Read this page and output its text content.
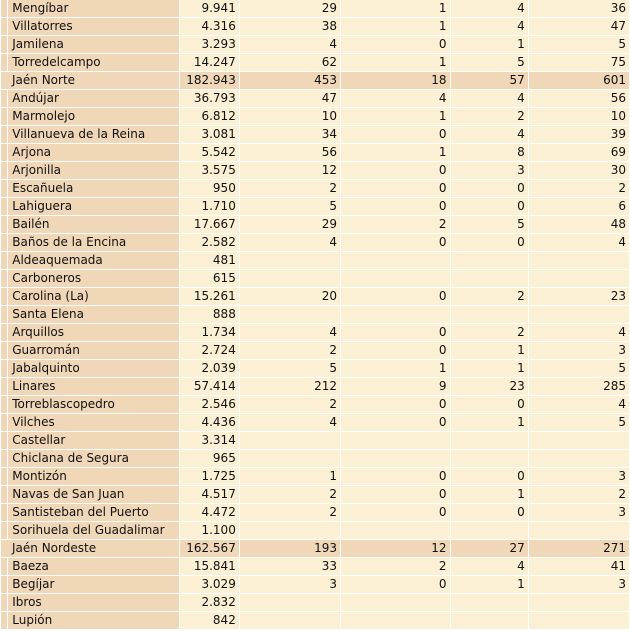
	Mengíbar	9.941	29	1	4	36
	Villatorres	4.316	38	1	4	47
	Jamilena	3.293	4	0	1	5
	Torredelcampo	14.247	62	1	5	75
Jaén Norte		182.943	453	18	57	601
	Andújar	36.793	47	4	4	56
	Marmolejo	6.812	10	1	2	10
	Villanueva de la Reina	3.081	34	0	4	39
	Arjona	5.542	56	1	8	69
	Arjonilla	3.575	12	0	3	30
	Escañuela	950	2	0	0	2
	Lahiguera	1.710	5	0	0	6
	Bailén	17.667	29	2	5	48
	Baños de la Encina	2.582	4	0	0	4
	Aldeaquemada	481				
	Carboneros	615				
	Carolina (La)	15.261	20	0	2	23
	Santa Elena	888				
	Arquillos	1.734	4	0	2	4
	Guarromán	2.724	2	0	1	3
	Jabalquinto	2.039	5	1	1	5
	Linares	57.414	212	9	23	285
	Torreblascopedro	2.546	2	0	0	4
	Vilches	4.436	4	0	1	5
	Castellar	3.314				
	Chiclana de Segura	965				
	Montizón	1.725	1	0	0	3
	Navas de San Juan	4.517	2	0	1	2
	Santisteban del Puerto	4.472	2	0	0	3
	Sorihuela del Guadalimar	1.100				
Jaén Nordeste		162.567	193	12	27	271
	Baeza	15.841	33	2	4	41
	Begíjar	3.029	3	0	1	3
	Ibros	2.832				
	Lupión	842				
